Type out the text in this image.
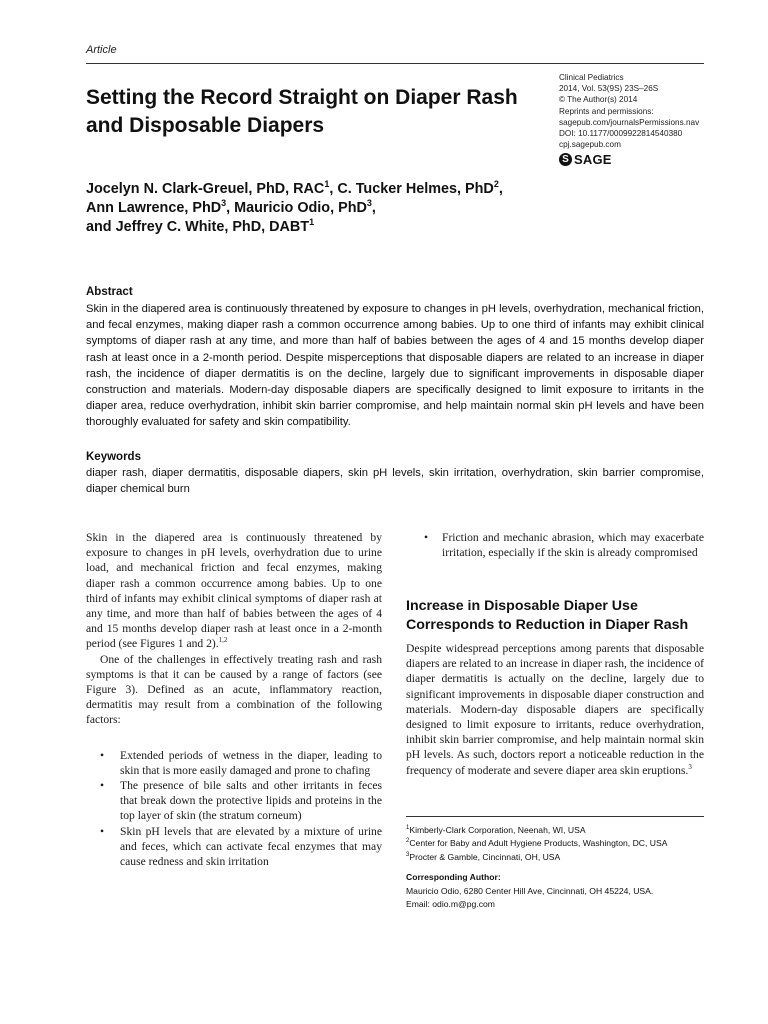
Article
Setting the Record Straight on Diaper Rash and Disposable Diapers
Clinical Pediatrics
2014, Vol. 53(9S) 23S–26S
© The Author(s) 2014
Reprints and permissions:
sagepub.com/journalsPermissions.nav
DOI: 10.1177/0009922814540380
cpj.sagepub.com
S SAGE
Jocelyn N. Clark-Greuel, PhD, RAC$^1$, C. Tucker Helmes, PhD$^2$,
Ann Lawrence, PhD$^3$, Mauricio Odio, PhD$^3$,
and Jeffrey C. White, PhD, DABT$^1$
Abstract
Skin in the diapered area is continuously threatened by exposure to changes in pH levels, overhydration, mechanical friction, and fecal enzymes, making diaper rash a common occurrence among babies. Up to one third of infants may exhibit clinical symptoms of diaper rash at any time, and more than half of babies between the ages of 4 and 15 months develop diaper rash at least once in a 2-month period. Despite misperceptions that disposable diapers are related to an increase in diaper rash, the incidence of diaper dermatitis is on the decline, largely due to significant improvements in disposable diaper construction and materials. Modern-day disposable diapers are specifically designed to limit exposure to irritants in the diaper area, reduce overhydration, inhibit skin barrier compromise, and help maintain normal skin pH levels and have been thoroughly evaluated for safety and skin compatibility.
Keywords
diaper rash, diaper dermatitis, disposable diapers, skin pH levels, skin irritation, overhydration, skin barrier compromise, diaper chemical burn

Skin in the diapered area is continuously threatened by exposure to changes in pH levels, overhydration due to urine load, and mechanical friction and fecal enzymes, making diaper rash a common occurrence among babies. Up to one third of infants may exhibit clinical symptoms of diaper rash at any time, and more than half of babies between the ages of 4 and 15 months develop diaper rash at least once in a 2-month period (see Figures 1 and 2).$^{1,2}$

One of the challenges in effectively treating rash and rash symptoms is that it can be caused by a range of factors (see Figure 3). Defined as an acute, inflammatory reaction, dermatitis may result from a combination of the following factors:

• Extended periods of wetness in the diaper, leading to skin that is more easily damaged and prone to chafing
• The presence of bile salts and other irritants in feces that break down the protective lipids and proteins in the top layer of skin (the stratum corneum)
• Skin pH levels that are elevated by a mixture of urine and feces, which can activate fecal enzymes that may cause redness and skin irritation
• Friction and mechanic abrasion, which may exacerbate irritation, especially if the skin is already compromised
Increase in Disposable Diaper Use Corresponds to Reduction in Diaper Rash

Despite widespread perceptions among parents that disposable diapers are related to an increase in diaper rash, the incidence of diaper dermatitis is actually on the decline, largely due to significant improvements in disposable diaper construction and materials. Modern-day disposable diapers are specifically designed to limit exposure to irritants, reduce overhydration, inhibit skin barrier compromise, and help maintain normal skin pH levels. As such, doctors report a noticeable reduction in the frequency of moderate and severe diaper area skin eruptions.$^3$

$^1$Kimberly-Clark Corporation, Neenah, WI, USA
$^2$Center for Baby and Adult Hygiene Products, Washington, DC, USA
$^3$Procter & Gamble, Cincinnati, OH, USA
Corresponding Author:
Mauricio Odio, 6280 Center Hill Ave, Cincinnati, OH 45224, USA.
Email: odio.m@pg.com
